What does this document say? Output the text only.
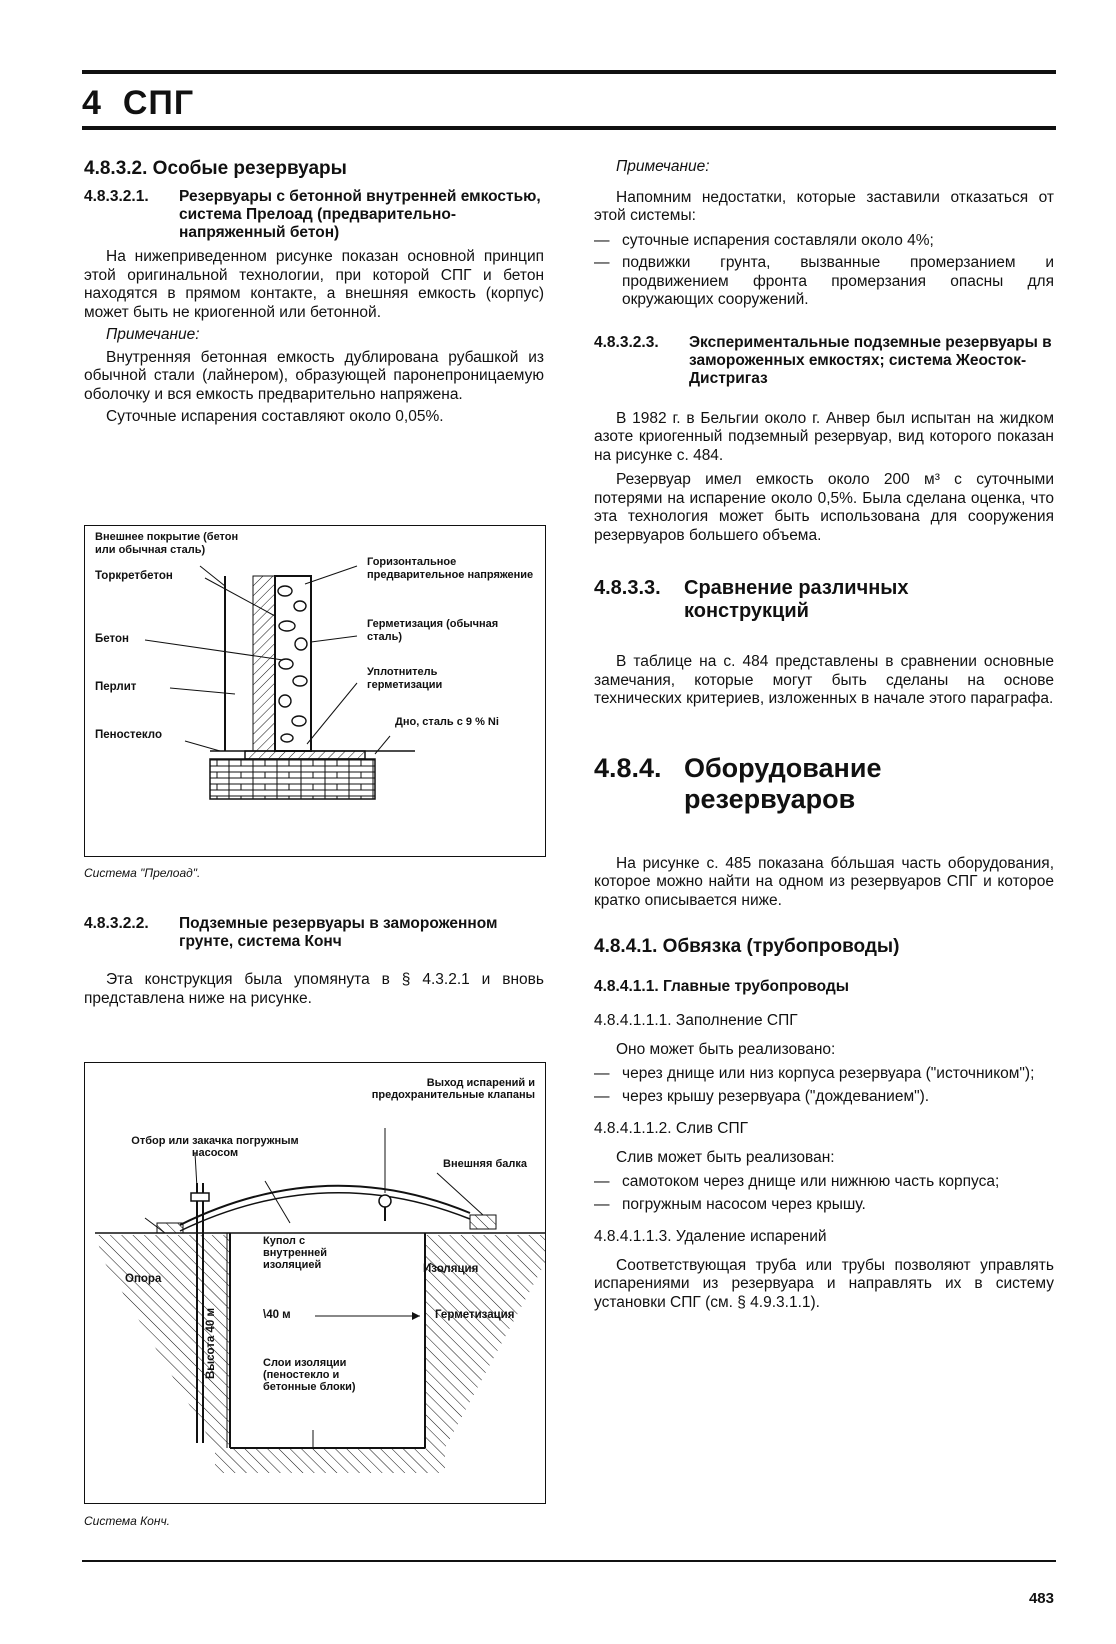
4 СПГ

4.8.3.2. Особые резервуары

4.8.3.2.1.	Резервуары с бетонной внутренней емкостью, система Прелоад (предварительно-напряженный бетон)

На нижеприведенном рисунке показан основной принцип этой оригинальной технологии, при которой СПГ и бетон находятся в прямом контакте, а внешняя емкость (корпус) может быть не криогенной или бетонной.

Примечание:

Внутренняя бетонная емкость дублирована рубашкой из обычной стали (лайнером), образующей паронепроницаемую оболочку и вся емкость предварительно напряжена.

Суточные испарения составляют около 0,05%.

Внешнее покрытие (бетон или обычная сталь)
Торкретбетон
Бетон
Перлит
Пеностекло
Горизонтальное предварительное напряжение
Герметизация (обычная сталь)
Уплотнитель герметизации
Дно, сталь с 9 % Ni
Система "Прелоад".
4.8.3.2.2.	Подземные резервуары в замороженном грунте, система Конч

Эта конструкция была упомянута в § 4.3.2.1 и вновь представлена ниже на рисунке.

Выход испарений и предохранительные клапаны
Отбор или закачка погружным насосом
Внешняя балка
Купол с внутренней изоляцией	Изоляция
Опора
\40 м	Герметизация
Высота 40 м	Слои изоляции (пеностекло и бетонные блоки)
Система Конч.

Примечание:

Напомним недостатки, которые заставили отказаться от этой системы:

— суточные испарения составляли около 4%;
— подвижки грунта, вызванные промерзанием и продвижением фронта промерзания опасны для окружающих сооружений.
4.8.3.2.3.	Экспериментальные подземные резервуары в замороженных емкостях; система Жеосток-Дистригаз

В 1982 г. в Бельгии около г. Анвер был испытан на жидком азоте криогенный подземный резервуар, вид которого показан на рисунке с. 484.

Резервуар имел емкость около 200 м³ с суточными потерями на испарение около 0,5%. Была сделана оценка, что эта технология может быть использована для сооружения резервуаров большего объема.

4.8.3.3.	Сравнение различных конструкций

В таблице на с. 484 представлены в сравнении основные замечания, которые могут быть сделаны на основе технических критериев, изложенных в начале этого параграфа.

4.8.4. Оборудование резервуаров

На рисунке с. 485 показана бóльшая часть оборудования, которое можно найти на одном из резервуаров СПГ и которое кратко описывается ниже.

4.8.4.1. Обвязка (трубопроводы)

4.8.4.1.1. Главные трубопроводы

4.8.4.1.1.1. Заполнение СПГ

Оно может быть реализовано:

— через днище или низ корпуса резервуара ("источником");
— через крышу резервуара ("дождеванием").

4.8.4.1.1.2. Слив СПГ

Слив может быть реализован:

— самотоком через днище или нижнюю часть корпуса;
— погружным насосом через крышу.

4.8.4.1.1.3. Удаление испарений

Соответствующая труба или трубы позволяют управлять испарениями из резервуара и направлять их в систему установки СПГ (см. § 4.9.3.1.1).

483
